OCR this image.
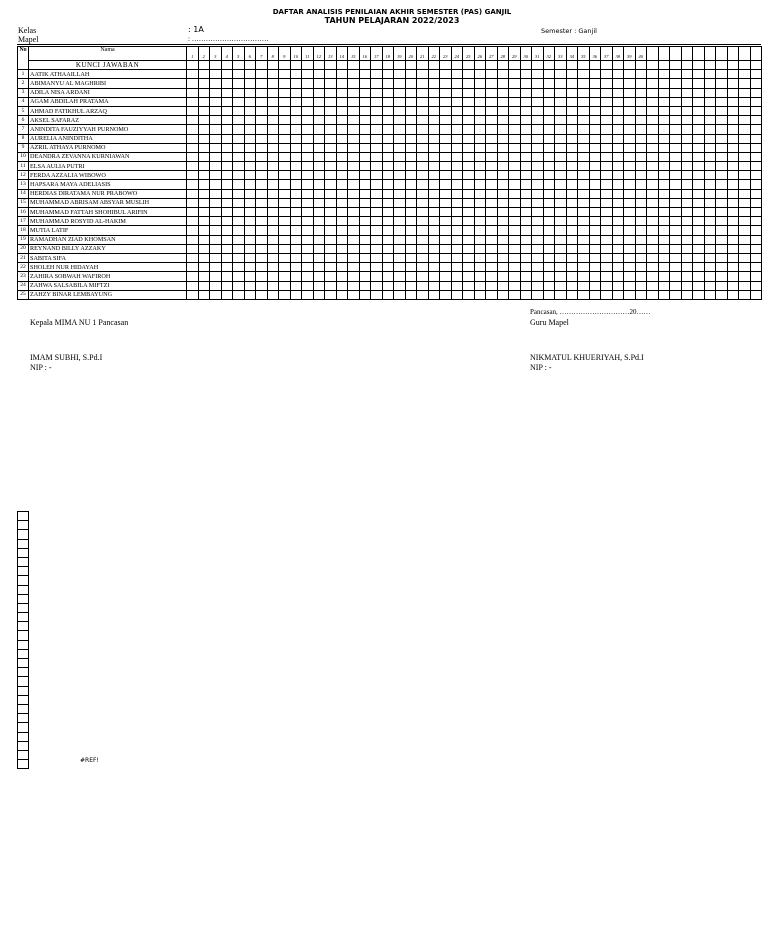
DAFTAR ANALISIS PENILAIAN AKHIR SEMESTER (PAS) GANJIL
TAHUN PELAJARAN 2022/2023
Kelas	: 1A
Mapel	: ……………………………
Semester : Ganjil
No	Nama	1	2	3	4	5	6	7	8	9	10	11	12	13	14	15	16	17	18	19	20	21	22	23	24	25	26	27	28	29	30	31	32	33	34	35	36	37	38	39	40										
	KUNCI JAWABAN																																																		
1	AATIK ATHAAILLAH																																																		
2	ABIMANYU AL MAGHRIBI																																																		
3	ADILA NISA ARDANI																																																		
4	AGAM ABDILAH PRATAMA																																																		
5	AHMAD FATIKHUL ARZAQ																																																		
6	AKSEL SAFARAZ																																																		
7	ANINDITA FAUZIYYAH PURNOMO																																																		
8	AURELIA ANINDITHA																																																		
9	AZRIL ATHAYA PURNOMO																																																		
10	DEANDRA ZEVANNA KURNIAWAN																																																		
11	ELSA AULIA PUTRI																																																		
12	FERDA AZZALIA WIBOWO																																																		
13	HAPSARA MAYA ADELIASIS																																																		
14	HERDIAS DIRATAMA NUR PRABOWO																																																		
15	MUHAMMAD ABRISAM ABSYAR MUSLIH																																																		
16	MUHAMMAD FATTAH SHOHIBUL ARIFIN																																																		
17	MUHAMMAD ROSYID AL-HAKIM																																																		
18	MUTIA LATIF																																																		
19	RAMADHAN ZIAD KHOMSAN																																																		
20	REYNAND BILLY AZZAKY																																																		
21	SABITA SIFA																																																		
22	SHOLEH NUR HIDAYAH																																																		
23	ZAHIRA SOBWAH WAFIROH																																																		
24	ZAHWA SALSABILA MIFTZI																																																		
25	ZAHZY BINAR LEMBAYUNG																																																		
Kepala MIMA NU 1 Pancasan
IMAM SUBHI, S.Pd.I
NIP : -
Pancasan, …………………………20……
Guru Mapel
NIKMATUL KHUERIYAH, S.Pd.I
NIP : -

#REF!
